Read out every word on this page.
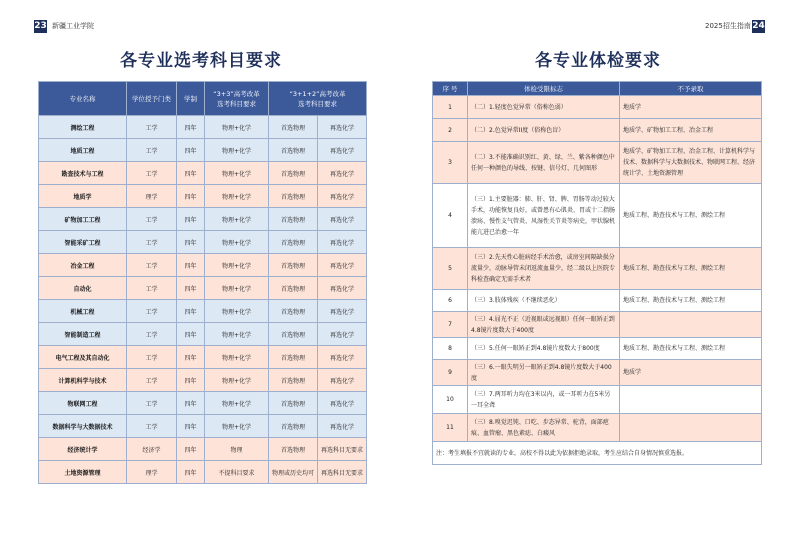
23 新疆工业学院	2025招生指南 24
各专业选考科目要求	各专业体检要求
专业名称	学位授予门类	学制	“3+3”高考改革
选考科目要求	“3+1+2”高考改革
选考科目要求	
测绘工程	工学	四年	物理+化学	首选物理	再选化学
地质工程	工学	四年	物理+化学	首选物理	再选化学
勘查技术与工程	工学	四年	物理+化学	首选物理	再选化学
地质学	理学	四年	物理+化学	首选物理	再选化学
矿物加工工程	工学	四年	物理+化学	首选物理	再选化学
智能采矿工程	工学	四年	物理+化学	首选物理	再选化学
冶金工程	工学	四年	物理+化学	首选物理	再选化学
自动化	工学	四年	物理+化学	首选物理	再选化学
机械工程	工学	四年	物理+化学	首选物理	再选化学
智能制造工程	工学	四年	物理+化学	首选物理	再选化学
电气工程及其自动化	工学	四年	物理+化学	首选物理	再选化学
计算机科学与技术	工学	四年	物理+化学	首选物理	再选化学
物联网工程	工学	四年	物理+化学	首选物理	再选化学
数据科学与大数据技术	工学	四年	物理+化学	首选物理	再选化学
经济统计学	经济学	四年	物理	首选物理	再选科目无要求
土地资源管理	理学	四年	不提科目要求	物理或历史均可	再选科目无要求
序 号	体检受限标志	不予录取
1	（二）1.轻度色觉异常（俗称色弱）	地质学
2	（二）2.色觉异常II度（俗称色盲）	地质学、矿物加工工程、冶金工程
3	（二）3.不能准确识别红、黄、绿、兰、紫各种颜色中任何一种颜色的导线、按键、信号灯、几何图形	地质学、矿物加工工程、冶金工程、计算机科学与技术、数据科学与大数据技术、物联网工程、经济统计学、土地资源管理
4	（三）1.主要脏器：肺、肝、肾、脾、胃肠等动过较大手术，功能恢复良好，或曾患有心肌炎、胃或十二指肠溃疡、慢性支气管炎、风湿性关节炎等病史，甲状腺机能亢进已治愈一年	地质工程、勘查技术与工程、测绘工程
5	（三）2.先天性心脏病经手术治愈，或房室间隔缺损分流量少，动脉导管未闭返流血量少，经二级以上医院专科检查确定无需手术者	地质工程、勘查技术与工程、测绘工程
6	（三）3.肢体残疾（不继续恶化）	地质工程、勘查技术与工程、测绘工程
7	（三）4.屈光不正（近视眼或远视眼）任何一眼矫正到4.8镜片度数大于400度	
8	（三）5.任何一眼矫正到4.8镜片度数大于800度	地质工程、勘查技术与工程、测绘工程
9	（三）6.一眼失明另一眼矫正到4.8镜片度数大于400度	地质学
10	（三）7.两耳听力均在3米以内，或一耳听力在5米另一耳全聋	
11	（三）8.嗅觉迟钝、口吃、步态异常、驼背，面部疤痕、血管瘤、黑色素痣、白癜风	
注：考生填报不宜就读的专业，高校不得以此为依据拒绝录取，考生应结合自身情况慎重选报。		
